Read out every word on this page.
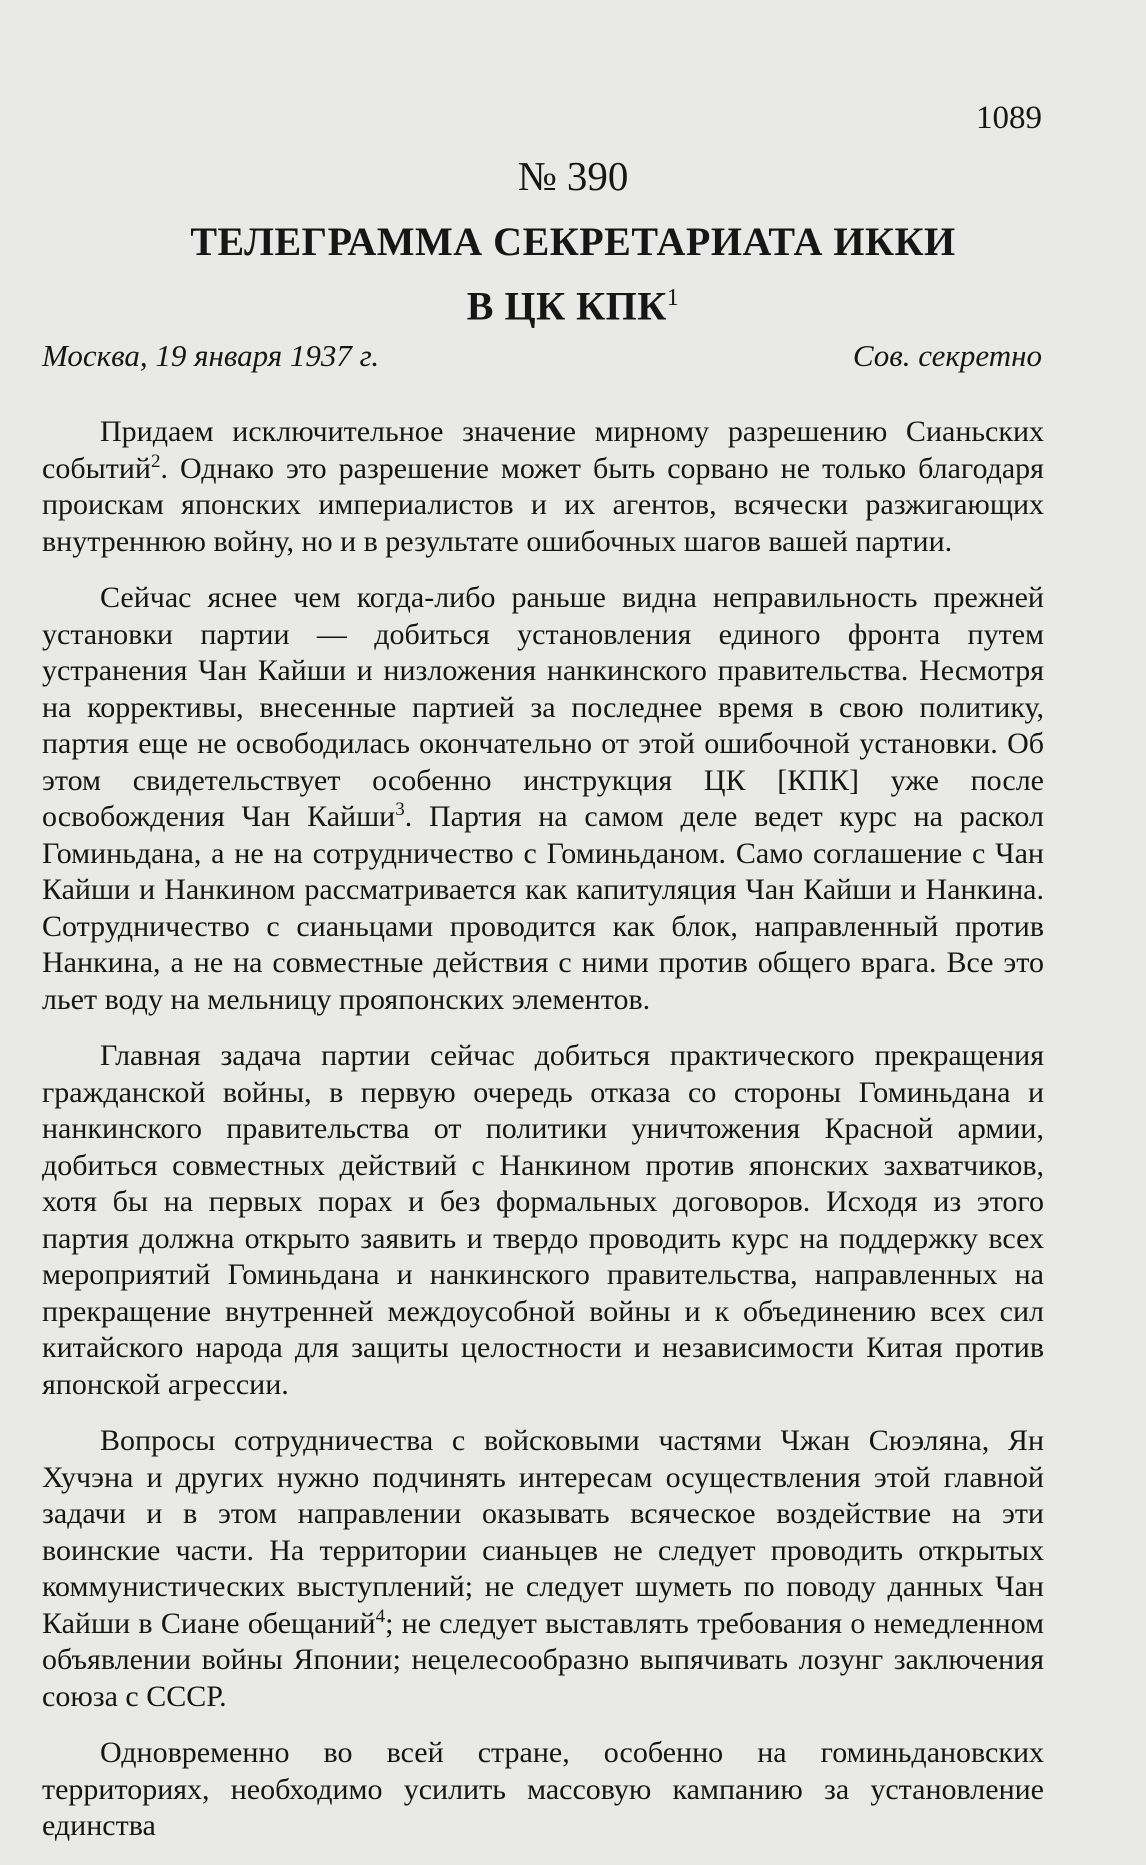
1089
№ 390
ТЕЛЕГРАММА СЕКРЕТАРИАТА ИККИ
В ЦК КПК$^1$
Москва, 19 января 1937 г.	Сов. секретно

Придаем исключительное значение мирному разрешению Сианьских событий$^2$. Однако это разрешение может быть сорвано не только благодаря проискам японских империалистов и их агентов, всячески разжигающих внутреннюю войну, но и в результате ошибочных шагов вашей партии.

Сейчас яснее чем когда-либо раньше видна неправильность прежней установки партии — добиться установления единого фронта путем устранения Чан Кайши и низложения нанкинского правительства. Несмотря на коррективы, внесенные партией за последнее время в свою политику, партия еще не освободилась окончательно от этой ошибочной установки. Об этом свидетельствует особенно инструкция ЦК [КПК] уже после освобождения Чан Кайши$^3$. Партия на самом деле ведет курс на раскол Гоминьдана, а не на сотрудничество с Гоминьданом. Само соглашение с Чан Кайши и Нанкином рассматривается как капитуляция Чан Кайши и Нанкина. Сотрудничество с сианьцами проводится как блок, направленный против Нанкина, а не на совместные действия с ними против общего врага. Все это льет воду на мельницу прояпонских элементов.

Главная задача партии сейчас добиться практического прекращения гражданской войны, в первую очередь отказа со стороны Гоминьдана и нанкинского правительства от политики уничтожения Красной армии, добиться совместных действий с Нанкином против японских захватчиков, хотя бы на первых порах и без формальных договоров. Исходя из этого партия должна открыто заявить и твердо проводить курс на поддержку всех мероприятий Гоминьдана и нанкинского правительства, направленных на прекращение внутренней междоусобной войны и к объединению всех сил китайского народа для защиты целостности и независимости Китая против японской агрессии.

Вопросы сотрудничества с войсковыми частями Чжан Сюэляна, Ян Хучэна и других нужно подчинять интересам осуществления этой главной задачи и в этом направлении оказывать всяческое воздействие на эти воинские части. На территории сианьцев не следует проводить открытых коммунистических выступлений; не следует шуметь по поводу данных Чан Кайши в Сиане обещаний$^4$; не следует выставлять требования о немедленном объявлении войны Японии; нецелесообразно выпячивать лозунг заключения союза с СССР.

Одновременно во всей стране, особенно на гоминьдановских территориях, необходимо усилить массовую кампанию за установление единства
